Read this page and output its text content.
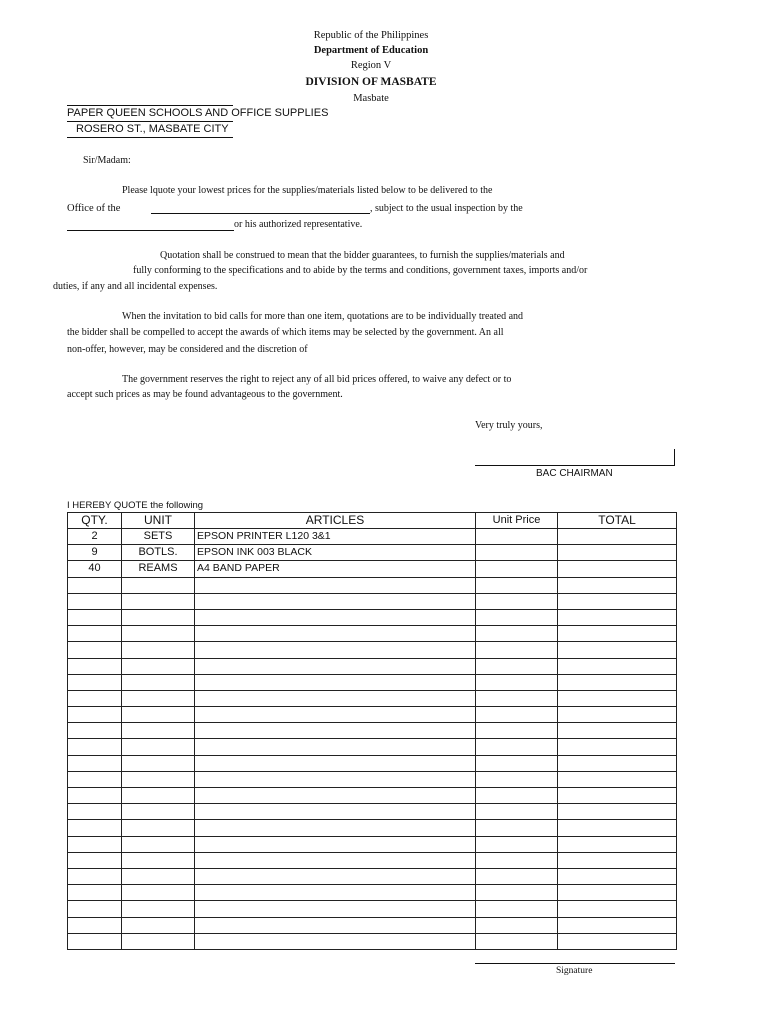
Republic of the Philippines
Department of Education
Region V
DIVISION OF MASBATE
Masbate
PAPER QUEEN SCHOOLS AND OFFICE SUPPLIES
ROSERO ST., MASBATE CITY
Sir/Madam:
Please lquote your lowest prices for the supplies/materials listed below to be delivered to the
Office of the	, subject to the usual inspection by the
or his authorized representative.
Quotation shall be construed to mean that the bidder guarantees, to furnish the supplies/materials and
fully conforming to the specifications and to abide by the terms and conditions, government taxes, imports and/or
duties, if any and all incidental expenses.
When the invitation to bid calls for more than one item, quotations are to be individually treated and
the bidder shall be compelled to accept the awards of which items may be selected by the government. An all
non-offer, however, may be considered and the discretion of
The government reserves the right to reject any of all bid prices offered, to waive any defect or to
accept such prices as may be found advantageous to the government.
Very truly yours,
BAC CHAIRMAN
I HEREBY QUOTE the following
QTY.	UNIT	ARTICLES	Unit Price	TOTAL
2	SETS	EPSON PRINTER L120 3&1		
9	BOTLS.	EPSON INK 003 BLACK		
40	REAMS	A4 BAND PAPER		

Signature
